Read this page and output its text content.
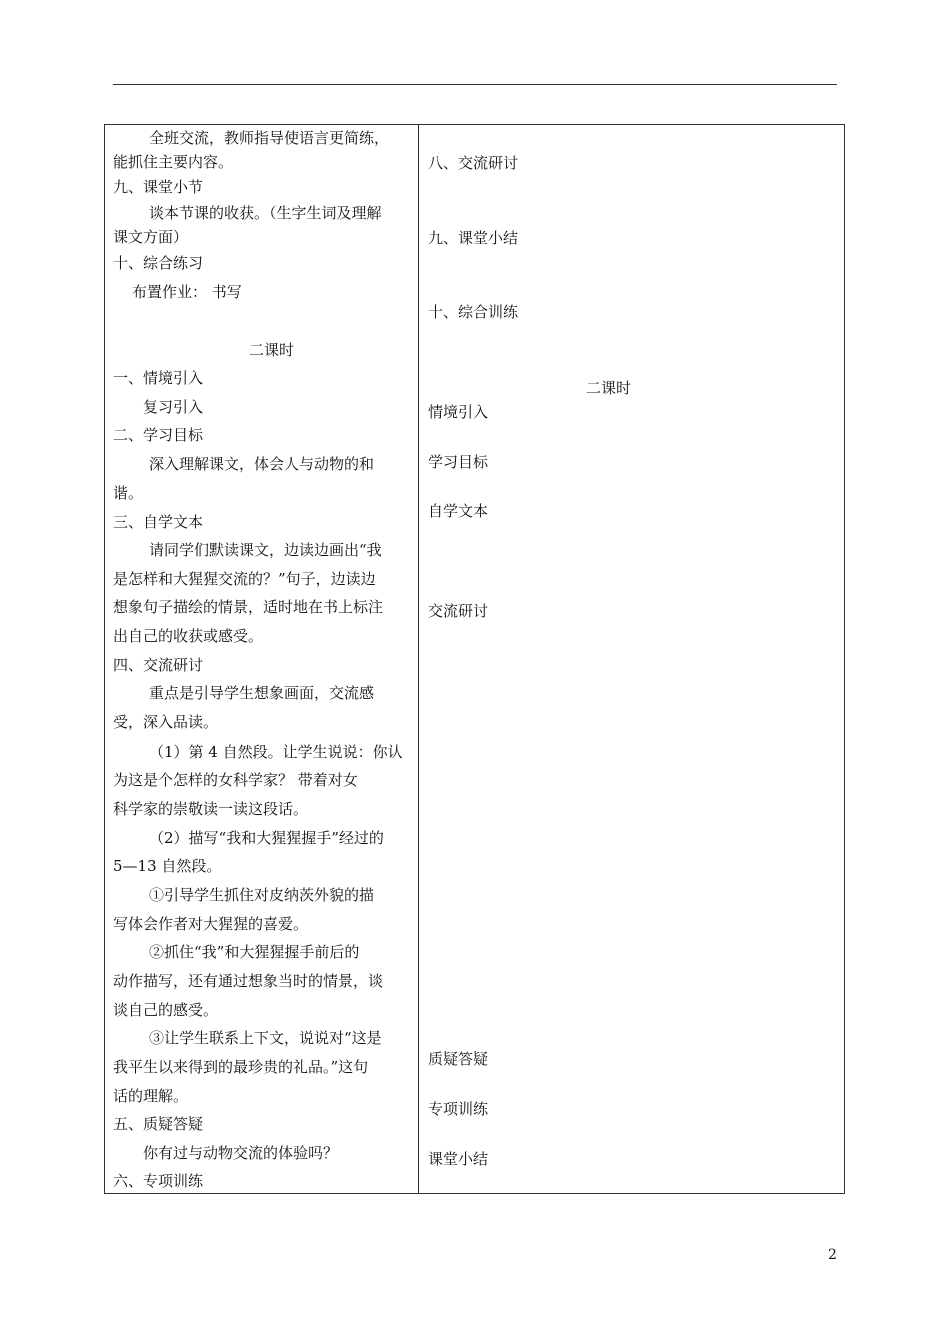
全班交流，教师指导使语言更简练，
能抓住主要内容。
九、课堂小节
谈本节课的收获。（生字生词及理解
课文方面）
十、综合练习
布置作业： 书写
二课时
一、情境引入
复习引入
二、学习目标
深入理解课文，体会人与动物的和
谐。
三、自学文本
请同学们默读课文，边读边画出“我
是怎样和大猩猩交流的？”句子，边读边
想象句子描绘的情景，适时地在书上标注
出自己的收获或感受。
四、交流研讨
重点是引导学生想象画面，交流感
受，深入品读。
（1）第 4 自然段。让学生说说：你认
为这是个怎样的女科学家？ 带着对女
科学家的崇敬读一读这段话。
（2）描写“我和大猩猩握手”经过的
5—13 自然段。
①引导学生抓住对皮纳茨外貌的描
写体会作者对大猩猩的喜爱。
②抓住“我”和大猩猩握手前后的
动作描写，还有通过想象当时的情景，谈
谈自己的感受。
③让学生联系上下文，说说对“这是
我平生以来得到的最珍贵的礼品。”这句
话的理解。
五、质疑答疑
你有过与动物交流的体验吗？
六、专项训练
八、交流研讨
九、课堂小结
十、综合训练
二课时
情境引入
学习目标
自学文本
交流研讨
质疑答疑
专项训练
课堂小结
2
